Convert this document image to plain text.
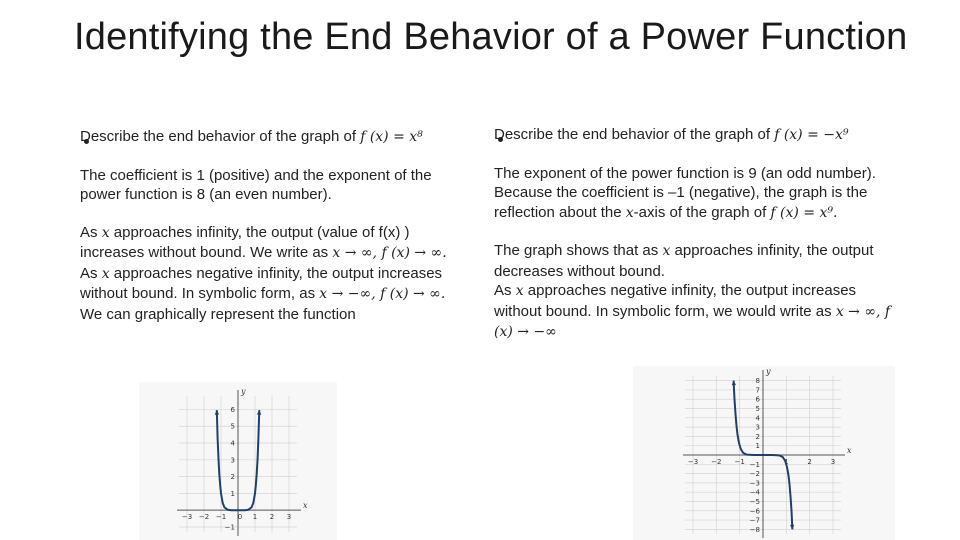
Identifying the End Behavior of a Power Function

Describe the end behavior of the graph of f (x) = x⁸

The coefficient is 1 (positive) and the exponent of the power function is 8 (an even number).

As x approaches infinity, the output (value of f(x) ) increases without bound. We write as x → ∞, f (x) → ∞.

As x approaches negative infinity, the output increases without bound. In symbolic form, as x → −∞, f (x) → ∞.

We can graphically represent the function

Describe the end behavior of the graph of f (x) = −x⁹

The exponent of the power function is 9 (an odd number). Because the coefficient is –1 (negative), the graph is the reflection about the x-axis of the graph of f (x) = x⁹.

The graph shows that as x approaches infinity, the output decreases without bound.

As x approaches negative infinity, the output increases without bound. In symbolic form, we would write as x → ∞, f (x) → −∞

x
y
−3 −2 −1 0 1 2 3
−1
1
2
3
4
5
6
x
y
−3 −2 −1	1	2	3
8
7
6
5
4
3
2
1
−1
−2
−3
−4
−5
−6
−7
−8
